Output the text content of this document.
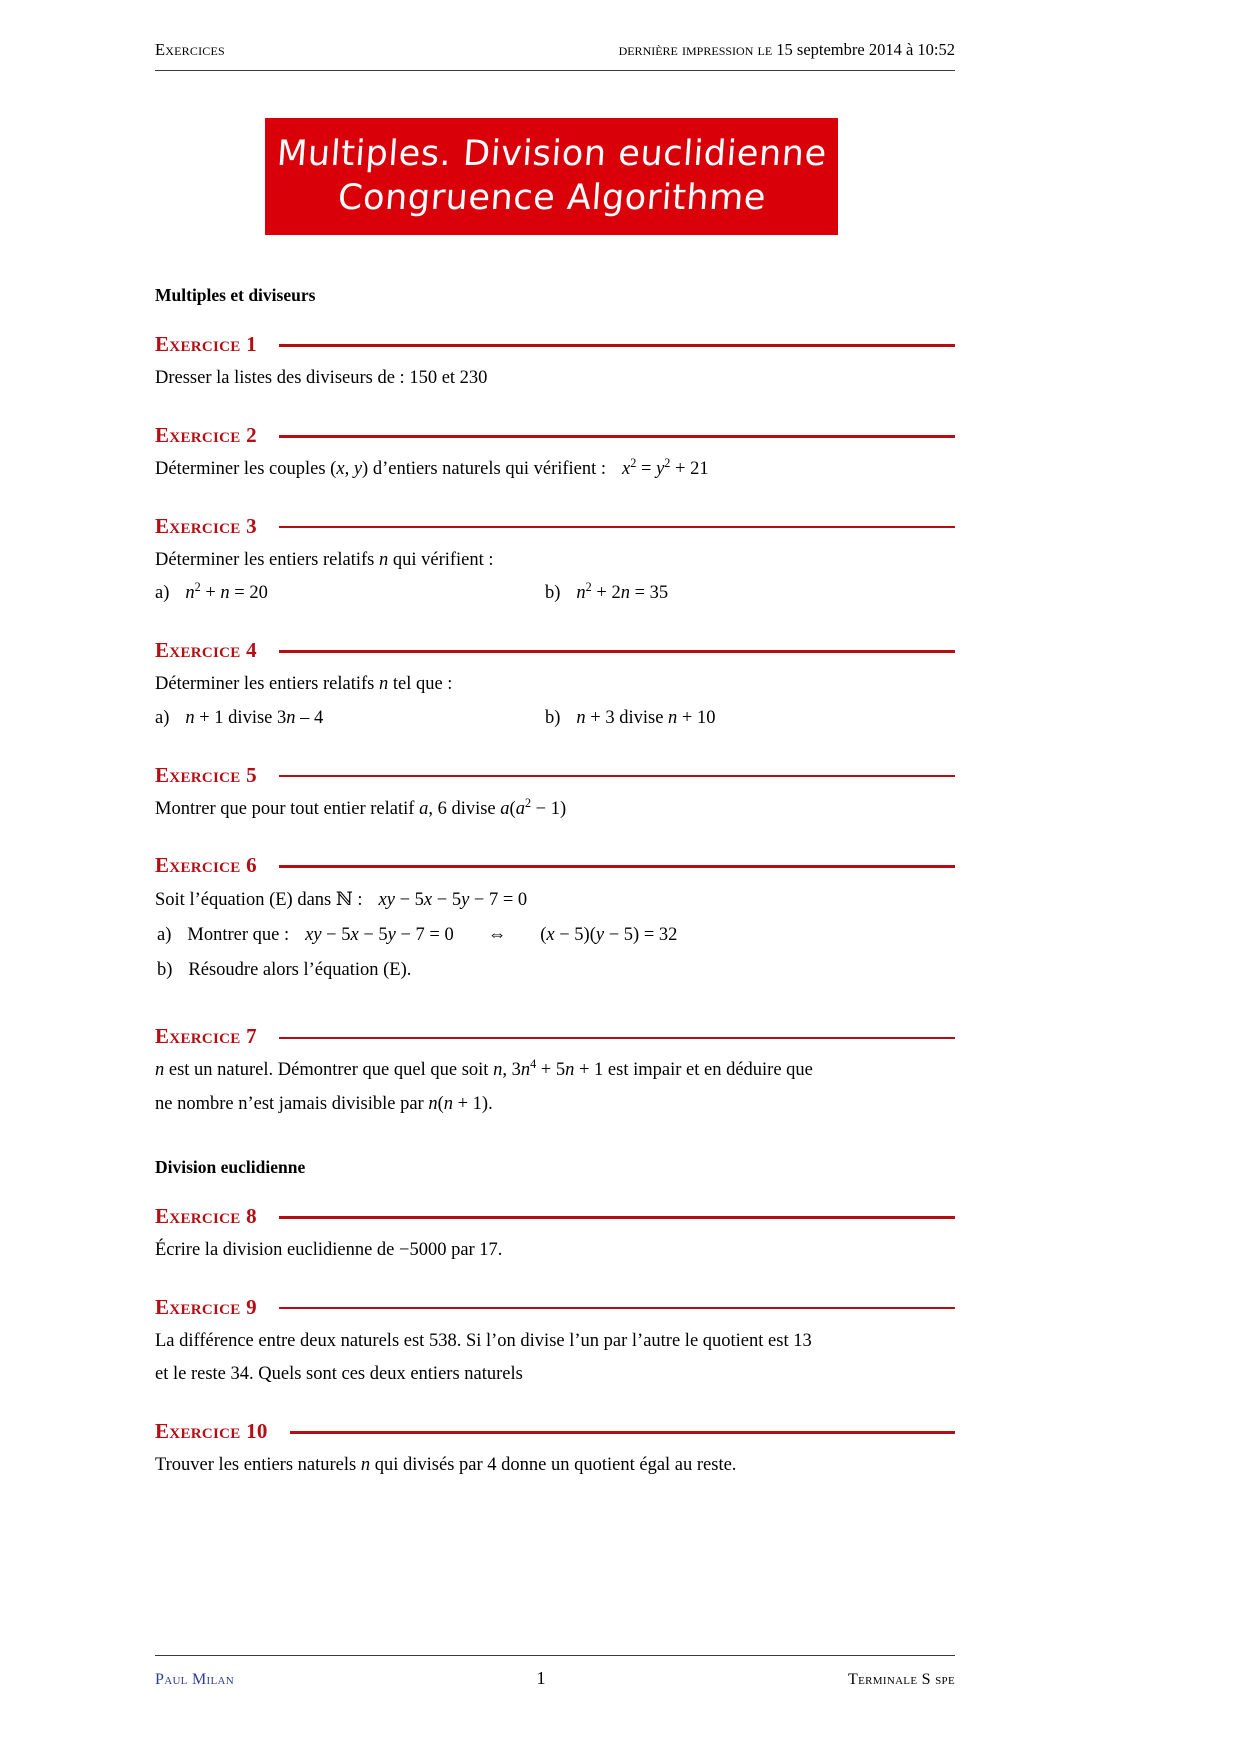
Exercices	dernière impression le 15 septembre 2014 à 10:52
Multiples. Division euclidienne
Congruence Algorithme
Multiples et diviseurs
Exercice 1
Dresser la listes des diviseurs de : 150 et 230
Exercice 2
Déterminer les couples (x, y) d’entiers naturels qui vérifient : $x^2 = y^2 + 21$
Exercice 3
Déterminer les entiers relatifs n qui vérifient :
a) $n^2 + n = 20$	b) $n^2 + 2n = 35$
Exercice 4
Déterminer les entiers relatifs n tel que :
a) n + 1 divise 3n – 4	b) n + 3 divise n + 10
Exercice 5
Montrer que pour tout entier relatif a, 6 divise $a(a^2 - 1)$
Exercice 6
Soit l’équation (E) dans ℕ : xy − 5x − 5y − 7 = 0
a) Montrer que : xy − 5x − 5y − 7 = 0 ⇔ (x − 5)(y − 5) = 32
b) Résoudre alors l’équation (E).
Exercice 7
n est un naturel. Démontrer que quel que soit n, $3n^4 + 5n + 1$ est impair et en déduire que
ne nombre n’est jamais divisible par n(n + 1).
Division euclidienne
Exercice 8
Écrire la division euclidienne de −5000 par 17.
Exercice 9
La différence entre deux naturels est 538. Si l’on divise l’un par l’autre le quotient est 13
et le reste 34. Quels sont ces deux entiers naturels
Exercice 10
Trouver les entiers naturels n qui divisés par 4 donne un quotient égal au reste.
Paul Milan	1	Terminale S spe
